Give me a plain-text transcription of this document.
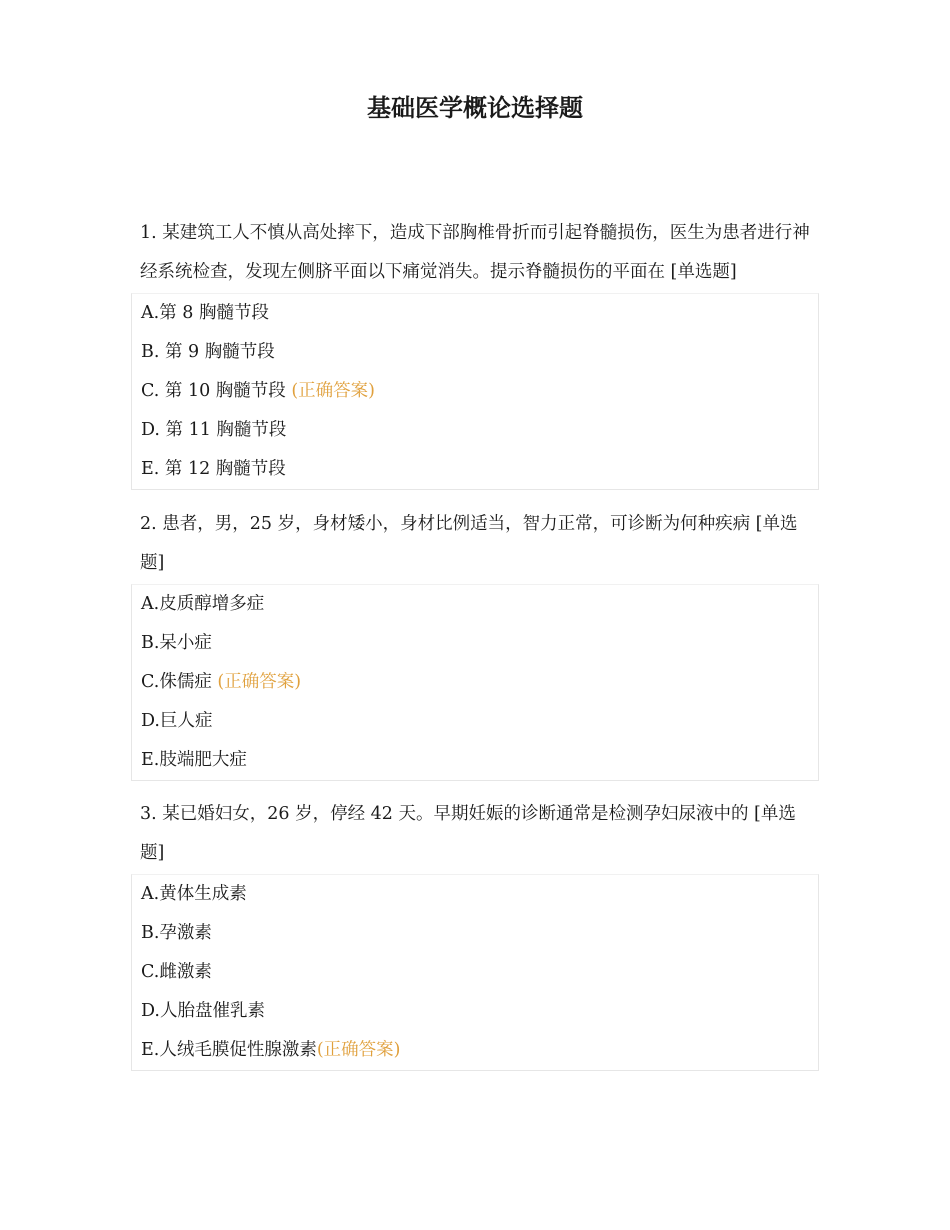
基础医学概论选择题

1. 某建筑工人不慎从高处摔下，造成下部胸椎骨折而引起脊髓损伤，医生为患者进行神经系统检查，发现左侧脐平面以下痛觉消失。提示脊髓损伤的平面在 [单选题]

A.第 8 胸髓节段
B. 第 9 胸髓节段
C. 第 10 胸髓节段 (正确答案)
D. 第 11 胸髓节段
E. 第 12 胸髓节段

2. 患者，男，25 岁，身材矮小，身材比例适当，智力正常，可诊断为何种疾病 [单选题]

A.皮质醇增多症
B.呆小症
C.侏儒症 (正确答案)
D.巨人症
E.肢端肥大症

3. 某已婚妇女，26 岁，停经 42 天。早期妊娠的诊断通常是检测孕妇尿液中的 [单选题]

A.黄体生成素
B.孕激素
C.雌激素
D.人胎盘催乳素
E.人绒毛膜促性腺激素(正确答案)
